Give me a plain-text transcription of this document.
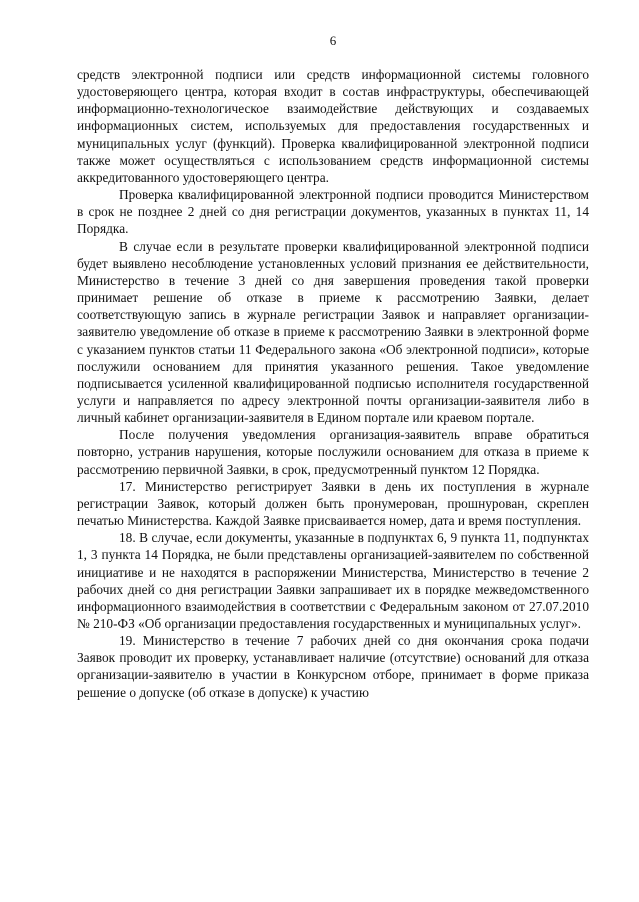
6

средств электронной подписи или средств информационной системы головного удостоверяющего центра, которая входит в состав инфраструктуры, обеспечивающей информационно-технологическое взаимодействие действующих и создаваемых информационных систем, используемых для предоставления государственных и муниципальных услуг (функций). Проверка квалифицированной электронной подписи также может осуществляться с использованием средств информационной системы аккредитованного удостоверяющего центра.

Проверка квалифицированной электронной подписи проводится Министерством в срок не позднее 2 дней со дня регистрации документов, указанных в пунктах 11, 14 Порядка.

В случае если в результате проверки квалифицированной электронной подписи будет выявлено несоблюдение установленных условий признания ее действительности, Министерство в течение 3 дней со дня завершения проведения такой проверки принимает решение об отказе в приеме к рассмотрению Заявки, делает соответствующую запись в журнале регистрации Заявок и направляет организации-заявителю уведомление об отказе в приеме к рассмотрению Заявки в электронной форме с указанием пунктов статьи 11 Федерального закона «Об электронной подписи», которые послужили основанием для принятия указанного решения. Такое уведомление подписывается усиленной квалифицированной подписью исполнителя государственной услуги и направляется по адресу электронной почты организации-заявителя либо в личный кабинет организации-заявителя в Едином портале или краевом портале.

После получения уведомления организация-заявитель вправе обратиться повторно, устранив нарушения, которые послужили основанием для отказа в приеме к рассмотрению первичной Заявки, в срок, предусмотренный пунктом 12 Порядка.

17. Министерство регистрирует Заявки в день их поступления в журнале регистрации Заявок, который должен быть пронумерован, прошнурован, скреплен печатью Министерства. Каждой Заявке присваивается номер, дата и время поступления.

18. В случае, если документы, указанные в подпунктах 6, 9 пункта 11, подпунктах 1, 3 пункта 14 Порядка, не были представлены организацией-заявителем по собственной инициативе и не находятся в распоряжении Министерства, Министерство в течение 2 рабочих дней со дня регистрации Заявки запрашивает их в порядке межведомственного информационного взаимодействия в соответствии с Федеральным законом от 27.07.2010 № 210-ФЗ «Об организации предоставления государственных и муниципальных услуг».

19. Министерство в течение 7 рабочих дней со дня окончания срока подачи Заявок проводит их проверку, устанавливает наличие (отсутствие) оснований для отказа организации-заявителю в участии в Конкурсном отборе, принимает в форме приказа решение о допуске (об отказе в допуске) к участию
